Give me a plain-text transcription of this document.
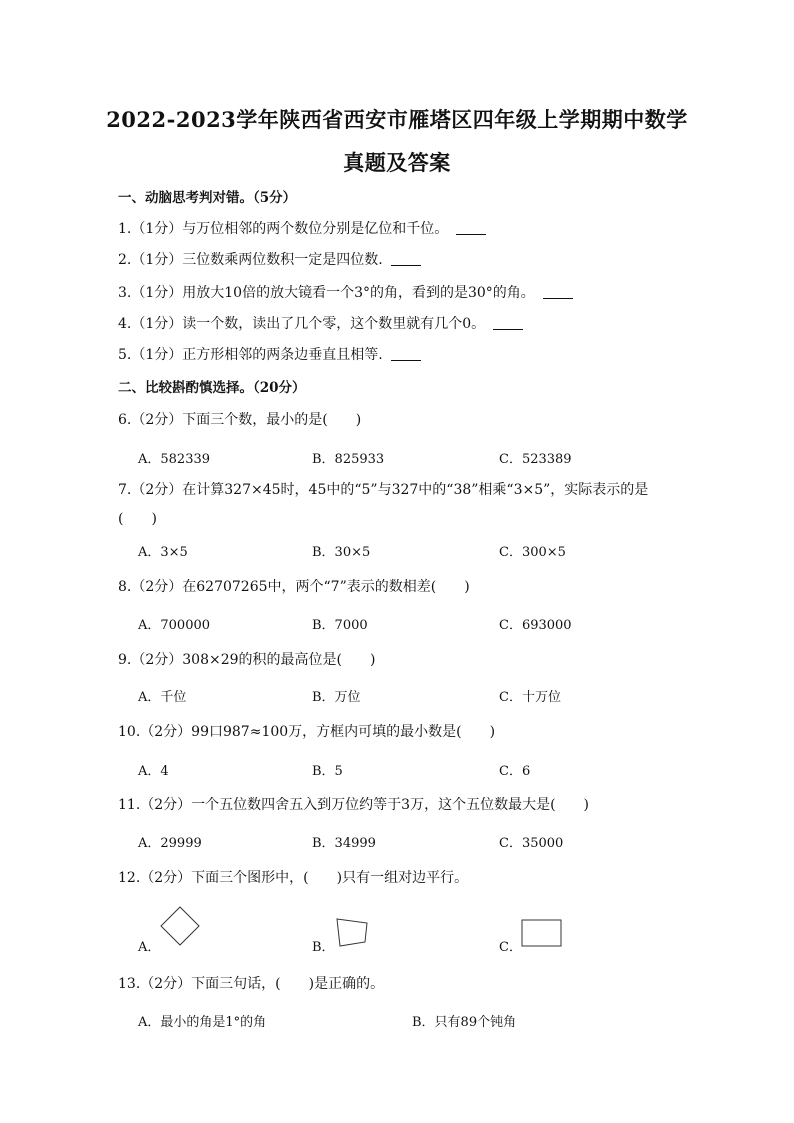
2022-2023学年陕西省西安市雁塔区四年级上学期期中数学
真题及答案
一、动脑思考判对错。（5分）
1.（1分）与万位相邻的两个数位分别是亿位和千位。
2.（1分）三位数乘两位数积一定是四位数.
3.（1分）用放大10倍的放大镜看一个3°的角，看到的是30°的角。
4.（1分）读一个数，读出了几个零，这个数里就有几个0。
5.（1分）正方形相邻的两条边垂直且相等.
二、比较斟酌慎选择。（20分）
6.（2分）下面三个数，最小的是(　　)
A．582339	B．825933	C．523389
7.（2分）在计算327×45时，45中的“5”与327中的“38”相乘“3×5”，实际表示的是
(　　)
A．3×5	B．30×5	C．300×5
8.（2分）在62707265中，两个“7”表示的数相差(　　)
A．700000	B．7000	C．693000
9.（2分）308×29的积的最高位是(　　)
A．千位	B．万位	C．十万位
10.（2分）99口987≈100万，方框内可填的最小数是(　　)
A．4	B．5	C．6
11.（2分）一个五位数四舍五入到万位约等于3万，这个五位数最大是(　　)
A．29999	B．34999	C．35000
12.（2分）下面三个图形中，(　　)只有一组对边平行。
A．	B．	C．
13.（2分）下面三句话，(　　)是正确的。
A．最小的角是1°的角	B．只有89个钝角
